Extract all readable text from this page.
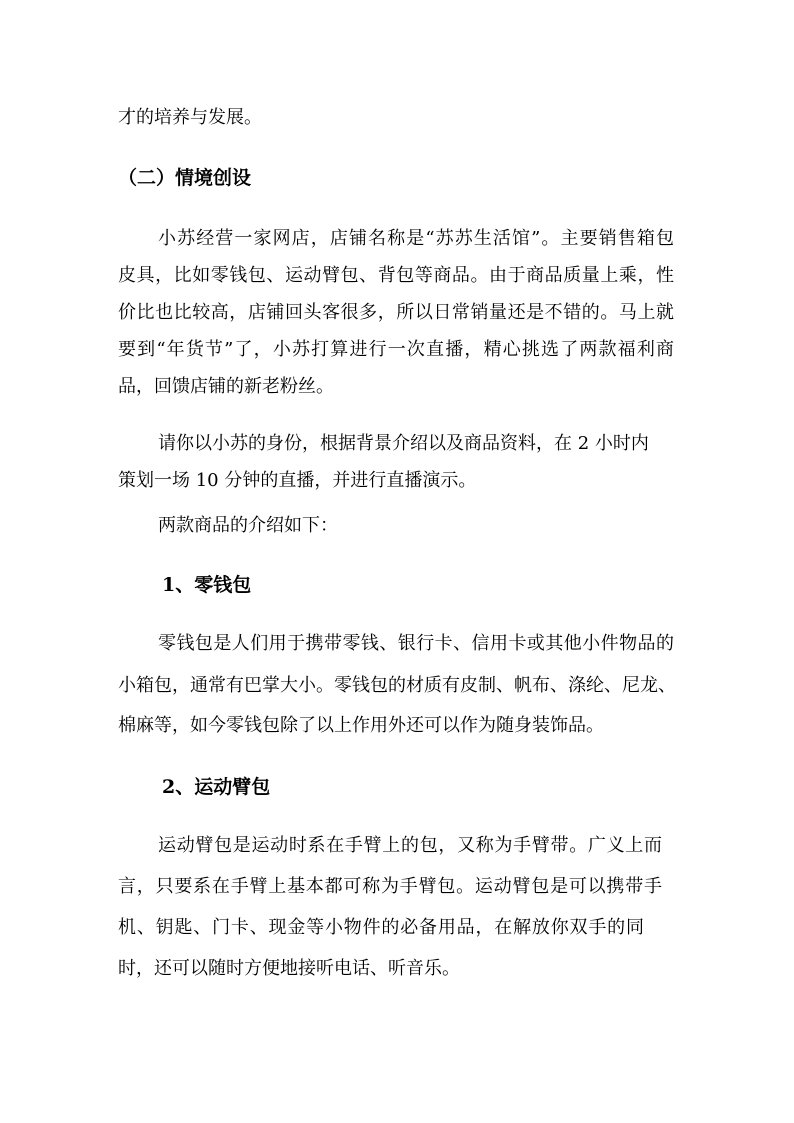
才的培养与发展。

（二）情境创设

小苏经营一家网店，店铺名称是“苏苏生活馆”。主要销售箱包

皮具，比如零钱包、运动臂包、背包等商品。由于商品质量上乘，性

价比也比较高，店铺回头客很多，所以日常销量还是不错的。马上就

要到“年货节”了，小苏打算进行一次直播，精心挑选了两款福利商

品，回馈店铺的新老粉丝。

请你以小苏的身份，根据背景介绍以及商品资料，在 2 小时内

策划一场 10 分钟的直播，并进行直播演示。

两款商品的介绍如下：

1、零钱包

零钱包是人们用于携带零钱、银行卡、信用卡或其他小件物品的

小箱包，通常有巴掌大小。零钱包的材质有皮制、帆布、涤纶、尼龙、

棉麻等，如今零钱包除了以上作用外还可以作为随身装饰品。

2、运动臂包

运动臂包是运动时系在手臂上的包，又称为手臂带。广义上而

言，只要系在手臂上基本都可称为手臂包。运动臂包是可以携带手

机、钥匙、门卡、现金等小物件的必备用品，在解放你双手的同

时，还可以随时方便地接听电话、听音乐。
